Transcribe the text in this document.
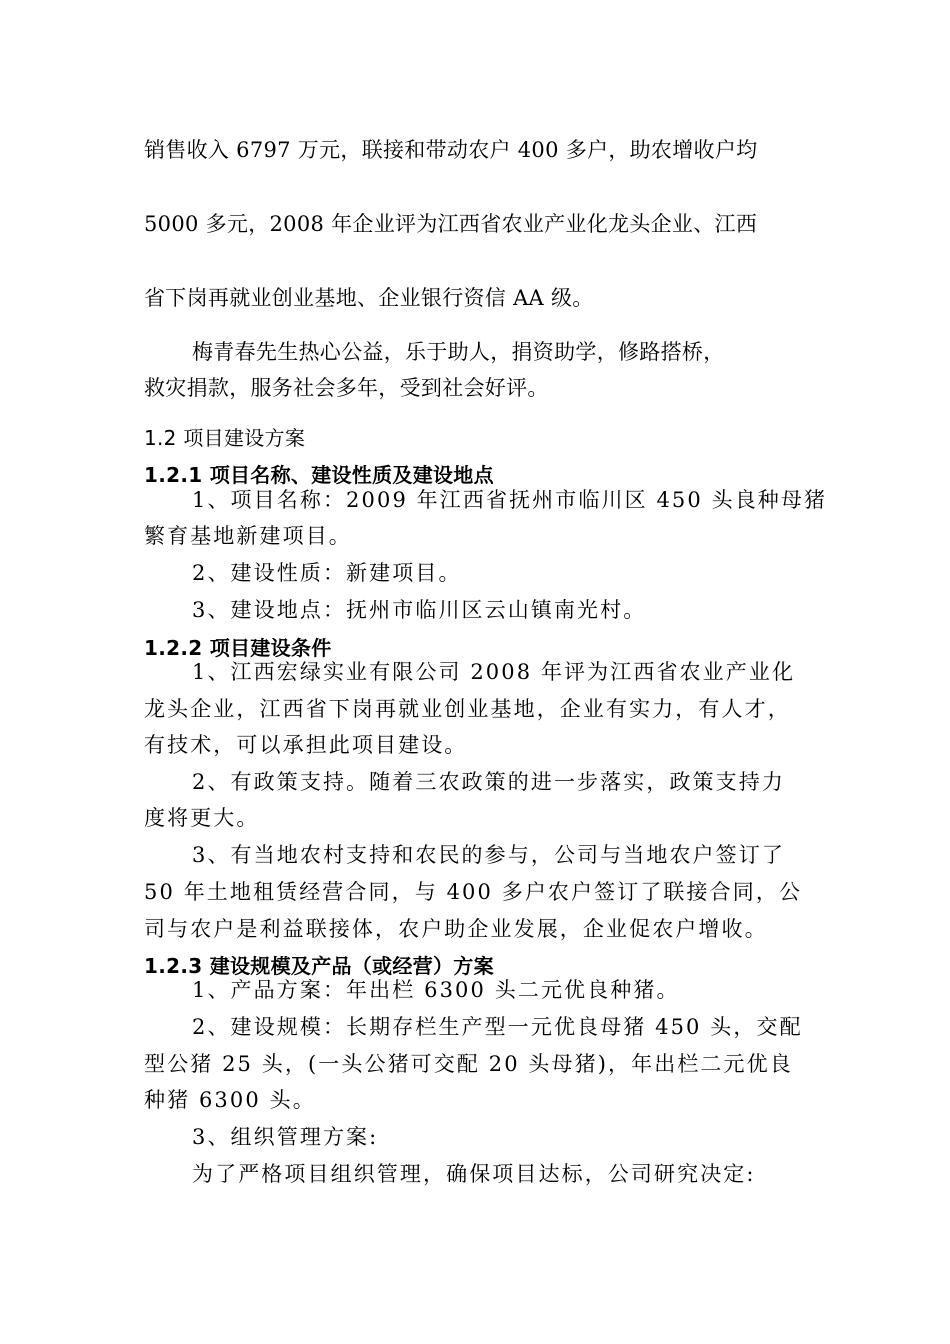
销售收入 6797 万元，联接和带动农户 400 多户，助农增收户均
5000 多元，2008 年企业评为江西省农业产业化龙头企业、江西
省下岗再就业创业基地、企业银行资信 AA 级。
梅青春先生热心公益，乐于助人，捐资助学，修路搭桥，
救灾捐款，服务社会多年，受到社会好评。
1.2 项目建设方案
1.2.1 项目名称、建设性质及建设地点
1、项目名称：2009 年江西省抚州市临川区 450 头良种母猪
繁育基地新建项目。
2、建设性质：新建项目。
3、建设地点：抚州市临川区云山镇南光村。
1.2.2 项目建设条件
1、江西宏绿实业有限公司 2008 年评为江西省农业产业化
龙头企业，江西省下岗再就业创业基地，企业有实力，有人才，
有技术，可以承担此项目建设。
2、有政策支持。随着三农政策的进一步落实，政策支持力
度将更大。
3、有当地农村支持和农民的参与，公司与当地农户签订了
50 年土地租赁经营合同，与 400 多户农户签订了联接合同，公
司与农户是利益联接体，农户助企业发展，企业促农户增收。
1.2.3 建设规模及产品（或经营）方案
1、产品方案：年出栏 6300 头二元优良种猪。
2、建设规模：长期存栏生产型一元优良母猪 450 头，交配
型公猪 25 头，(一头公猪可交配 20 头母猪)，年出栏二元优良
种猪 6300 头。
3、组织管理方案:
为了严格项目组织管理，确保项目达标，公司研究决定:
